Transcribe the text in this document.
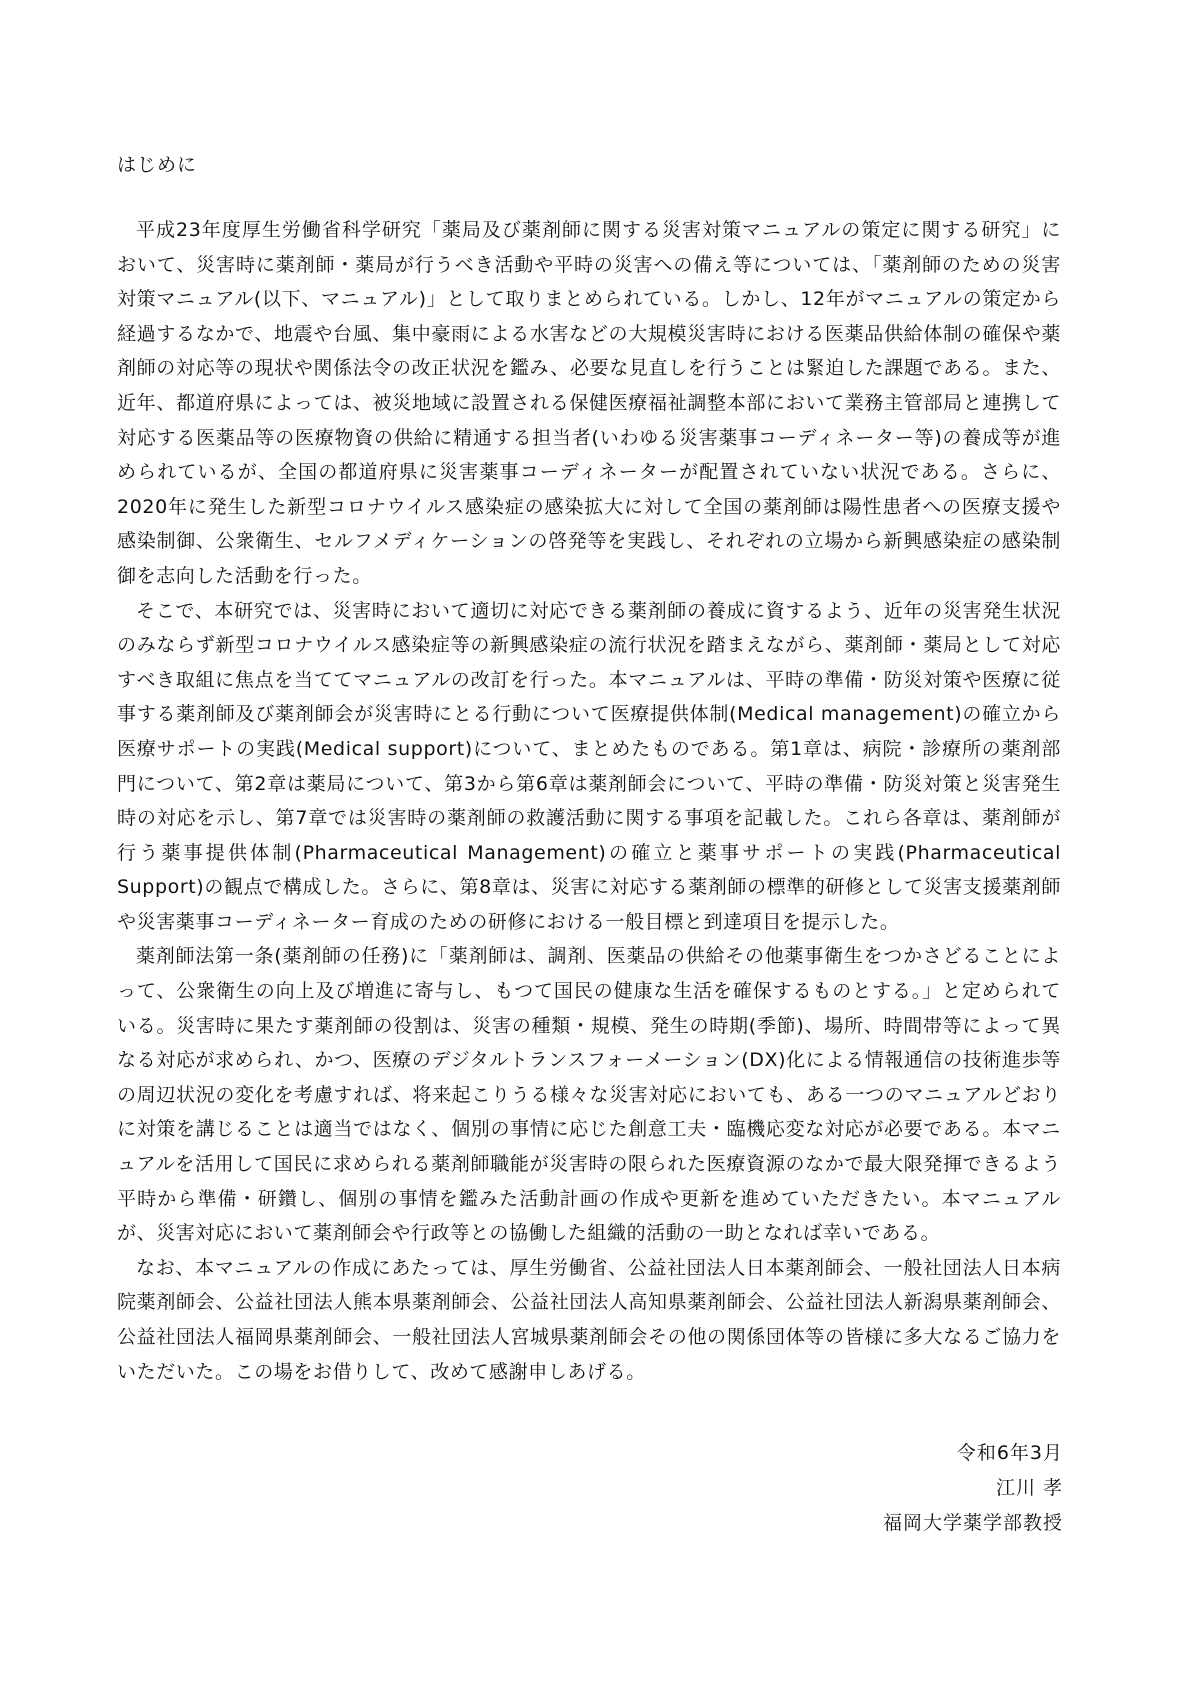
はじめに

平成23年度厚生労働省科学研究「薬局及び薬剤師に関する災害対策マニュアルの策定に関する研究」において、災害時に薬剤師・薬局が行うべき活動や平時の災害への備え等については、「薬剤師のための災害対策マニュアル(以下、マニュアル)」として取りまとめられている。しかし、12年がマニュアルの策定から経過するなかで、地震や台風、集中豪雨による水害などの大規模災害時における医薬品供給体制の確保や薬剤師の対応等の現状や関係法令の改正状況を鑑み、必要な見直しを行うことは緊迫した課題である。また、近年、都道府県によっては、被災地域に設置される保健医療福祉調整本部において業務主管部局と連携して対応する医薬品等の医療物資の供給に精通する担当者(いわゆる災害薬事コーディネーター等)の養成等が進められているが、全国の都道府県に災害薬事コーディネーターが配置されていない状況である。さらに、2020年に発生した新型コロナウイルス感染症の感染拡大に対して全国の薬剤師は陽性患者への医療支援や感染制御、公衆衛生、セルフメディケーションの啓発等を実践し、それぞれの立場から新興感染症の感染制御を志向した活動を行った。

そこで、本研究では、災害時において適切に対応できる薬剤師の養成に資するよう、近年の災害発生状況のみならず新型コロナウイルス感染症等の新興感染症の流行状況を踏まえながら、薬剤師・薬局として対応すべき取組に焦点を当ててマニュアルの改訂を行った。本マニュアルは、平時の準備・防災対策や医療に従事する薬剤師及び薬剤師会が災害時にとる行動について医療提供体制(Medical management)の確立から医療サポートの実践(Medical support)について、まとめたものである。第1章は、病院・診療所の薬剤部門について、第2章は薬局について、第3から第6章は薬剤師会について、平時の準備・防災対策と災害発生時の対応を示し、第7章では災害時の薬剤師の救護活動に関する事項を記載した。これら各章は、薬剤師が行う薬事提供体制(Pharmaceutical Management)の確立と薬事サポートの実践(Pharmaceutical Support)の観点で構成した。さらに、第8章は、災害に対応する薬剤師の標準的研修として災害支援薬剤師や災害薬事コーディネーター育成のための研修における一般目標と到達項目を提示した。

薬剤師法第一条(薬剤師の任務)に「薬剤師は、調剤、医薬品の供給その他薬事衛生をつかさどることによって、公衆衛生の向上及び増進に寄与し、もつて国民の健康な生活を確保するものとする。」と定められている。災害時に果たす薬剤師の役割は、災害の種類・規模、発生の時期(季節)、場所、時間帯等によって異なる対応が求められ、かつ、医療のデジタルトランスフォーメーション(DX)化による情報通信の技術進歩等の周辺状況の変化を考慮すれば、将来起こりうる様々な災害対応においても、ある一つのマニュアルどおりに対策を講じることは適当ではなく、個別の事情に応じた創意工夫・臨機応変な対応が必要である。本マニュアルを活用して国民に求められる薬剤師職能が災害時の限られた医療資源のなかで最大限発揮できるよう平時から準備・研鑽し、個別の事情を鑑みた活動計画の作成や更新を進めていただきたい。本マニュアルが、災害対応において薬剤師会や行政等との協働した組織的活動の一助となれば幸いである。

なお、本マニュアルの作成にあたっては、厚生労働省、公益社団法人日本薬剤師会、一般社団法人日本病院薬剤師会、公益社団法人熊本県薬剤師会、公益社団法人高知県薬剤師会、公益社団法人新潟県薬剤師会、公益社団法人福岡県薬剤師会、一般社団法人宮城県薬剤師会その他の関係団体等の皆様に多大なるご協力をいただいた。この場をお借りして、改めて感謝申しあげる。

令和6年3月
江川 孝
福岡大学薬学部教授
